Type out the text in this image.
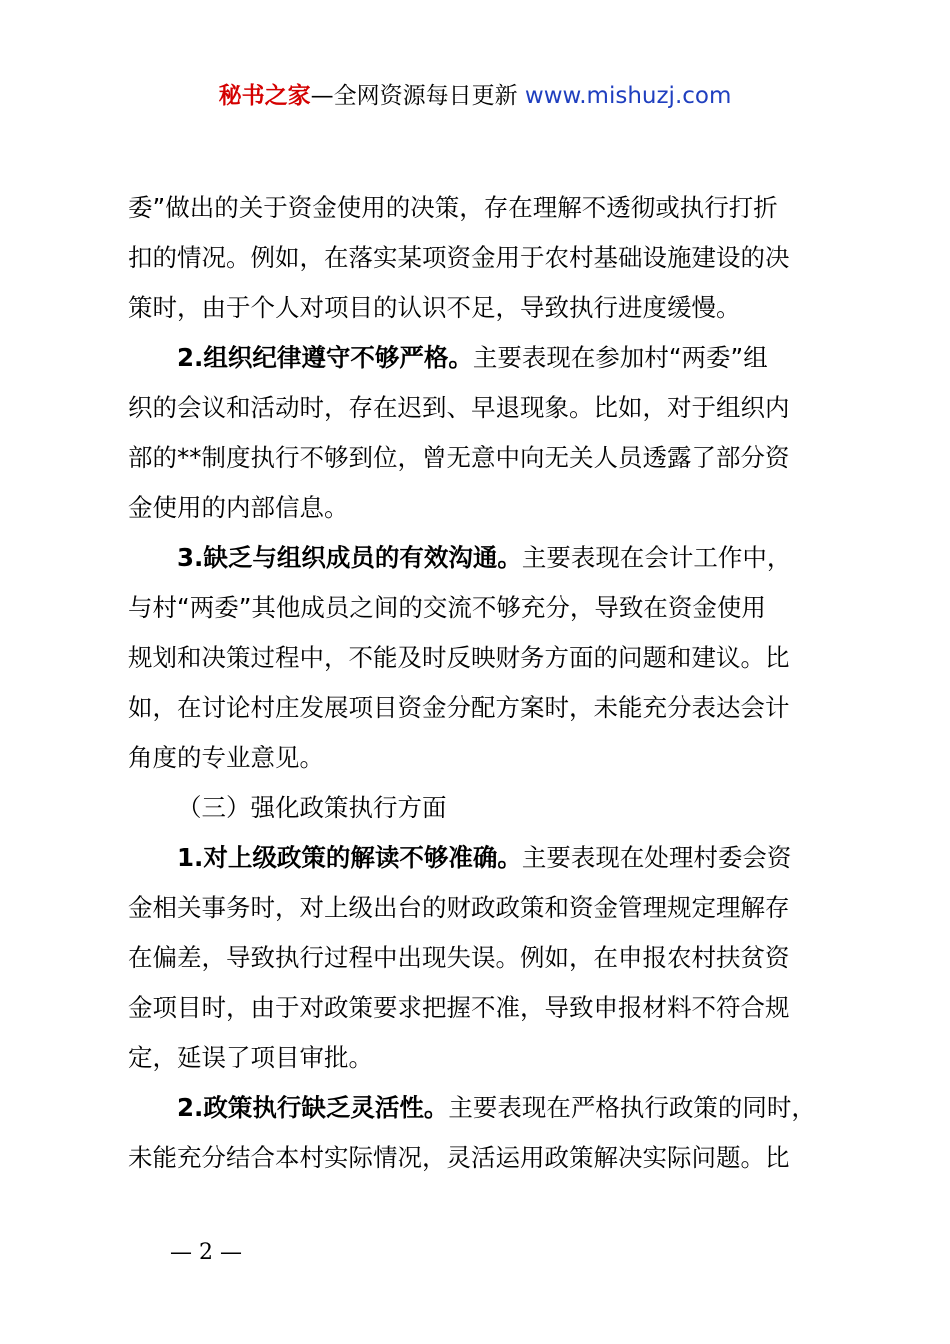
秘书之家—全网资源每日更新 www.mishuzj.com
委”做出的关于资金使用的决策，存在理解不透彻或执行打折
扣的情况。例如，在落实某项资金用于农村基础设施建设的决
策时，由于个人对项目的认识不足，导致执行进度缓慢。
2.组织纪律遵守不够严格。主要表现在参加村“两委”组
织的会议和活动时，存在迟到、早退现象。比如，对于组织内
部的**制度执行不够到位，曾无意中向无关人员透露了部分资
金使用的内部信息。
3.缺乏与组织成员的有效沟通。主要表现在会计工作中，
与村“两委”其他成员之间的交流不够充分，导致在资金使用
规划和决策过程中，不能及时反映财务方面的问题和建议。比
如，在讨论村庄发展项目资金分配方案时，未能充分表达会计
角度的专业意见。
（三）强化政策执行方面
1.对上级政策的解读不够准确。主要表现在处理村委会资
金相关事务时，对上级出台的财政政策和资金管理规定理解存
在偏差，导致执行过程中出现失误。例如，在申报农村扶贫资
金项目时，由于对政策要求把握不准，导致申报材料不符合规
定，延误了项目审批。
2.政策执行缺乏灵活性。主要表现在严格执行政策的同时，
未能充分结合本村实际情况，灵活运用政策解决实际问题。比
— 2 —
